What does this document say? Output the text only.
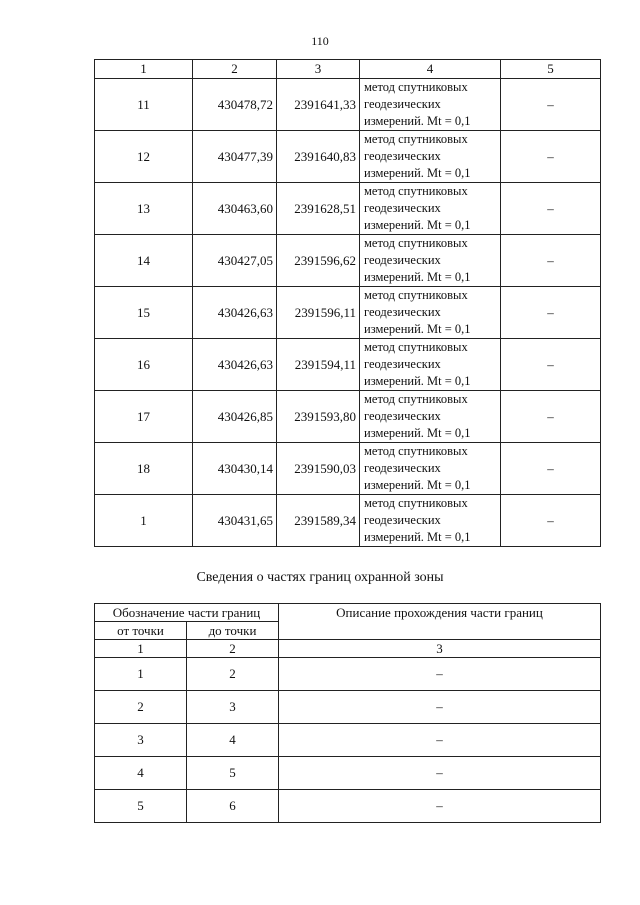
110
1	2	3	4	5
11	430478,72	2391641,33	метод спутниковых
геодезических
измерений. Mt = 0,1	–
12	430477,39	2391640,83	метод спутниковых
геодезических
измерений. Mt = 0,1	–
13	430463,60	2391628,51	метод спутниковых
геодезических
измерений. Mt = 0,1	–
14	430427,05	2391596,62	метод спутниковых
геодезических
измерений. Mt = 0,1	–
15	430426,63	2391596,11	метод спутниковых
геодезических
измерений. Mt = 0,1	–
16	430426,63	2391594,11	метод спутниковых
геодезических
измерений. Mt = 0,1	–
17	430426,85	2391593,80	метод спутниковых
геодезических
измерений. Mt = 0,1	–
18	430430,14	2391590,03	метод спутниковых
геодезических
измерений. Mt = 0,1	–
1	430431,65	2391589,34	метод спутниковых
геодезических
измерений. Mt = 0,1	–
Сведения о частях границ охранной зоны
Обозначение части границ		Описание прохождения части границ
от точки	до точки	
1	2	3
1	2	–
2	3	–
3	4	–
4	5	–
5	6	–
